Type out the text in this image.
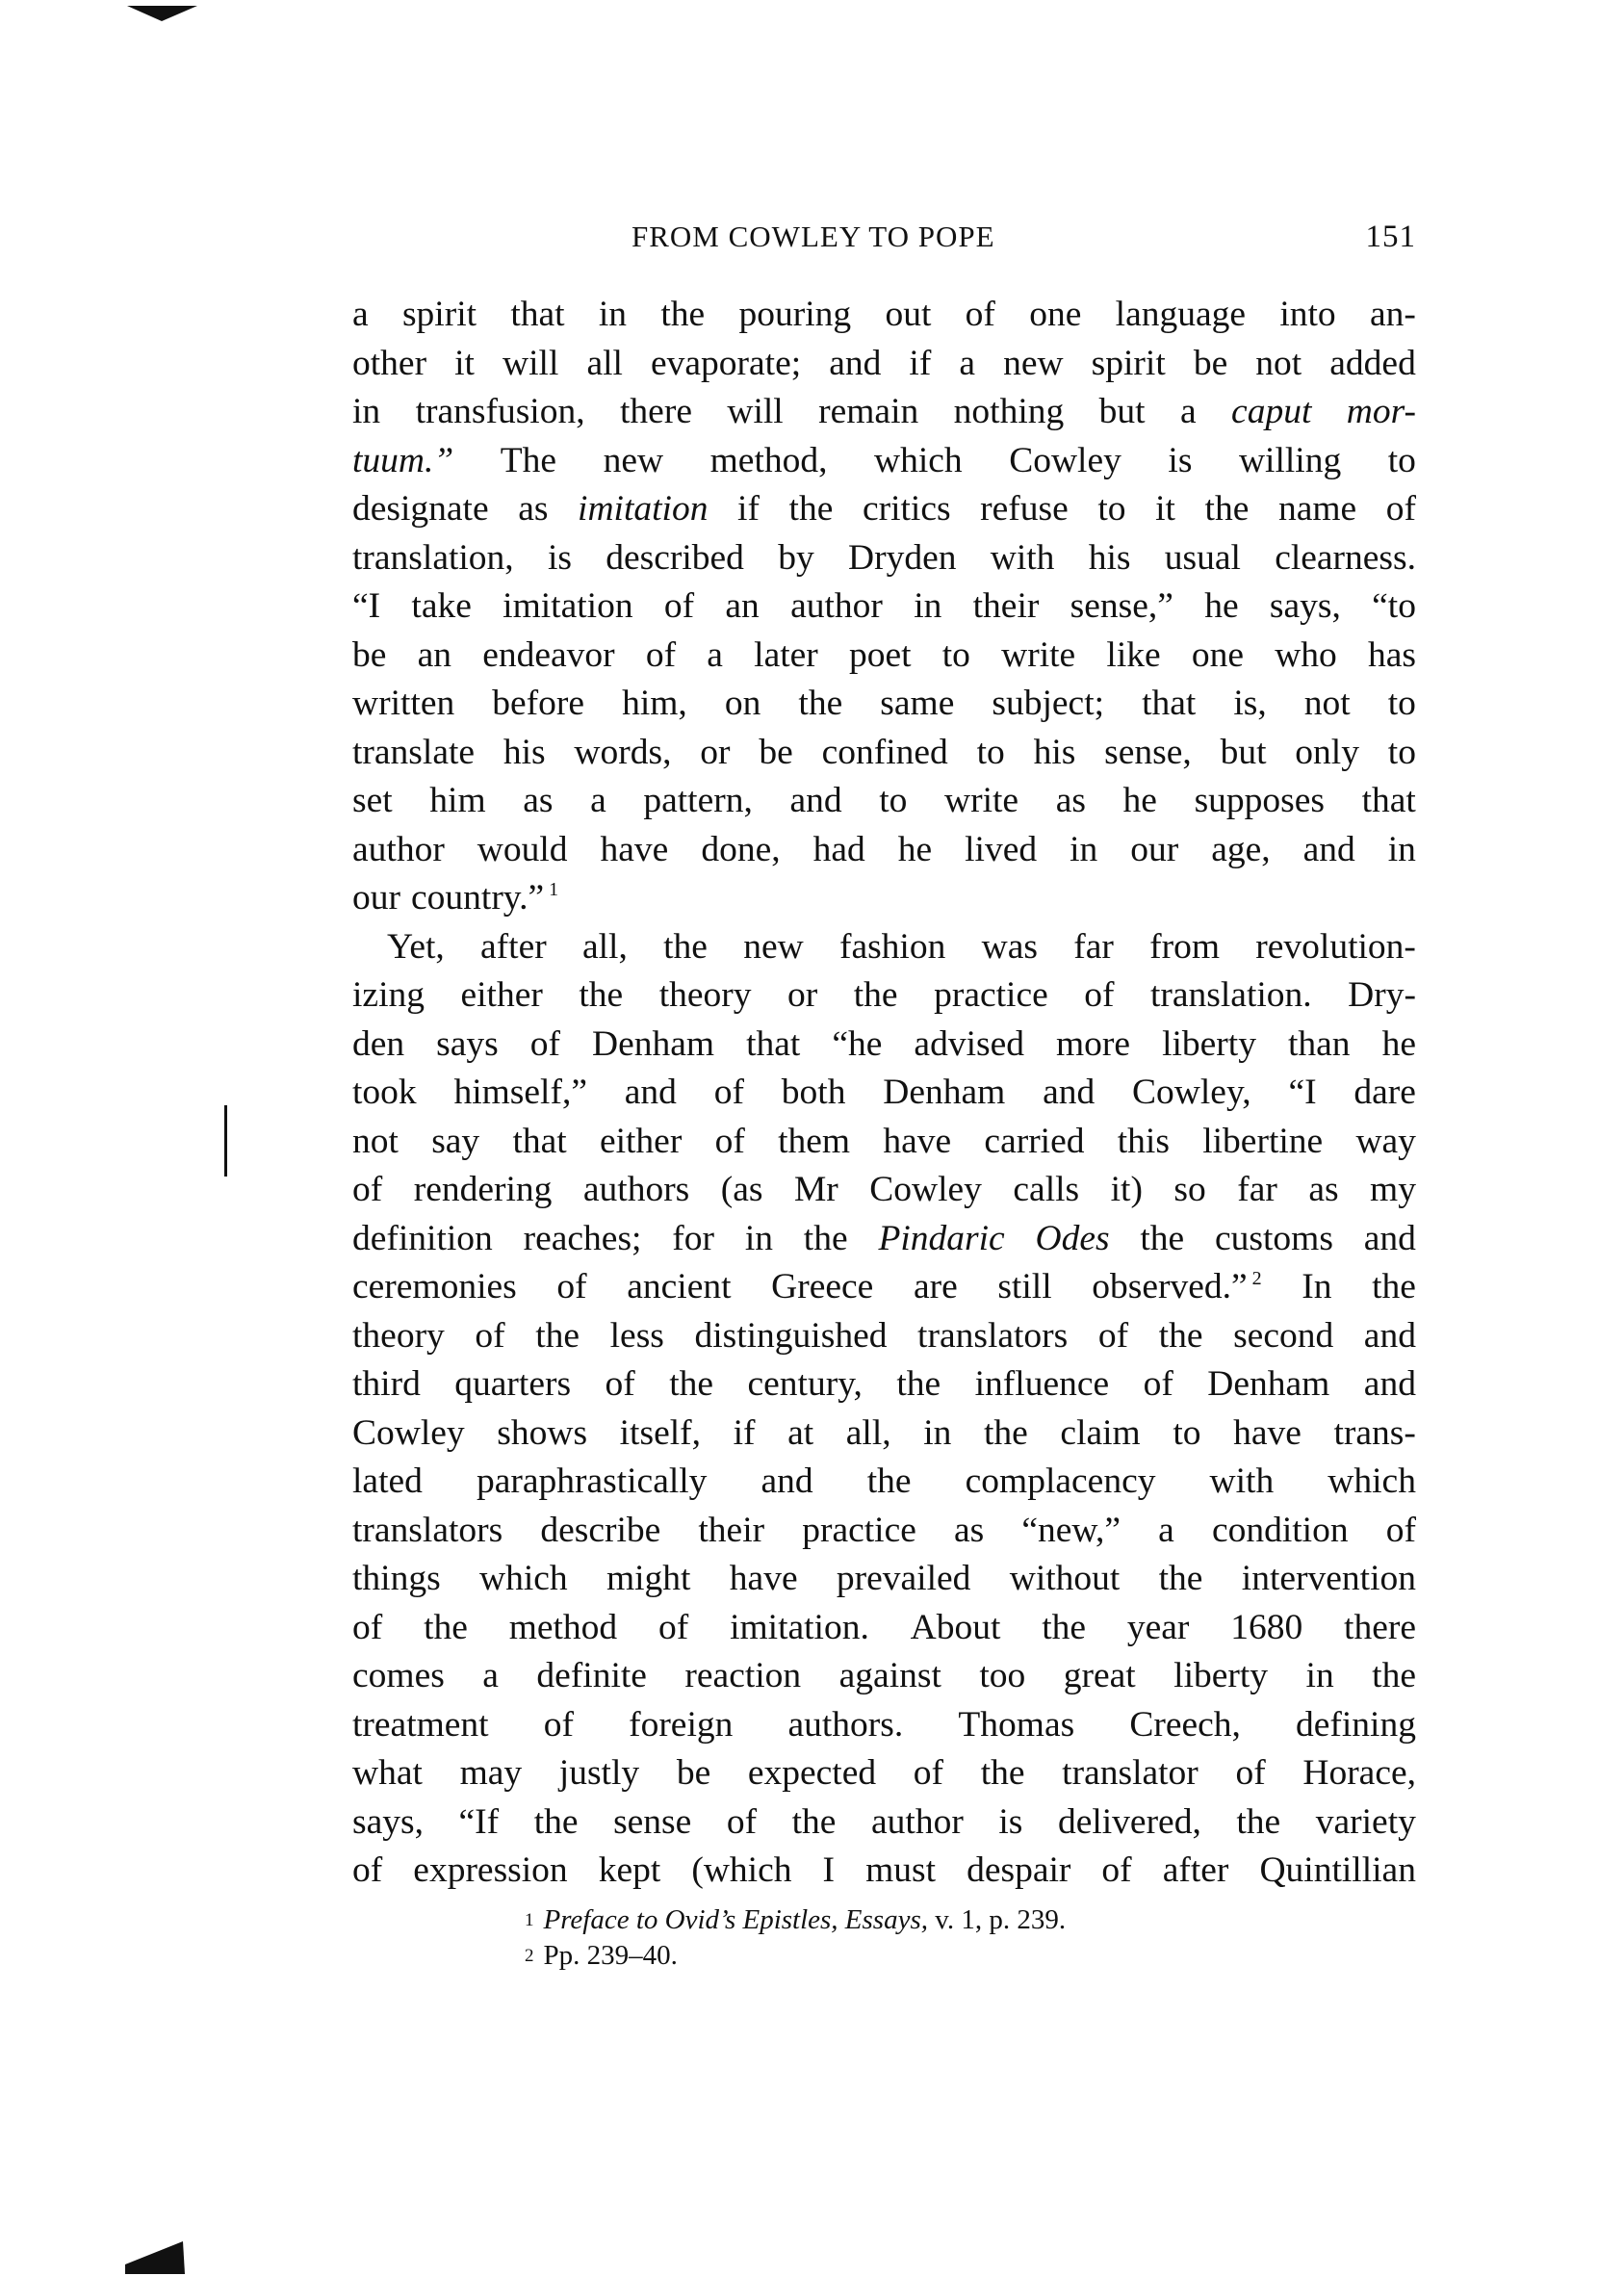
FROM COWLEY TO POPE	151
a spirit that in the pouring out of one language into an-
other it will all evaporate; and if a new spirit be not added
in transfusion, there will remain nothing but a caput mor-
tuum.” The new method, which Cowley is willing to
designate as imitation if the critics refuse to it the name of
translation, is described by Dryden with his usual clearness.
“I take imitation of an author in their sense,” he says, “to
be an endeavor of a later poet to write like one who has
written before him, on the same subject; that is, not to
translate his words, or be confined to his sense, but only to
set him as a pattern, and to write as he supposes that
author would have done, had he lived in our age, and in
our country.” $^1$
Yet, after all, the new fashion was far from revolution-
izing either the theory or the practice of translation. Dry-
den says of Denham that “he advised more liberty than he
took himself,” and of both Denham and Cowley, “I dare
not say that either of them have carried this libertine way
of rendering authors (as Mr Cowley calls it) so far as my
definition reaches; for in the Pindaric Odes the customs and
ceremonies of ancient Greece are still observed.” $^2$ In the
theory of the less distinguished translators of the second and
third quarters of the century, the influence of Denham and
Cowley shows itself, if at all, in the claim to have trans-
lated paraphrastically and the complacency with which
translators describe their practice as “new,” a condition of
things which might have prevailed without the intervention
of the method of imitation. About the year 1680 there
comes a definite reaction against too great liberty in the
treatment of foreign authors. Thomas Creech, defining
what may justly be expected of the translator of Horace,
says, “If the sense of the author is delivered, the variety
of expression kept (which I must despair of after Quintillian
1 Preface to Ovid’s Epistles, Essays, v. 1, p. 239.
2 Pp. 239–40.
